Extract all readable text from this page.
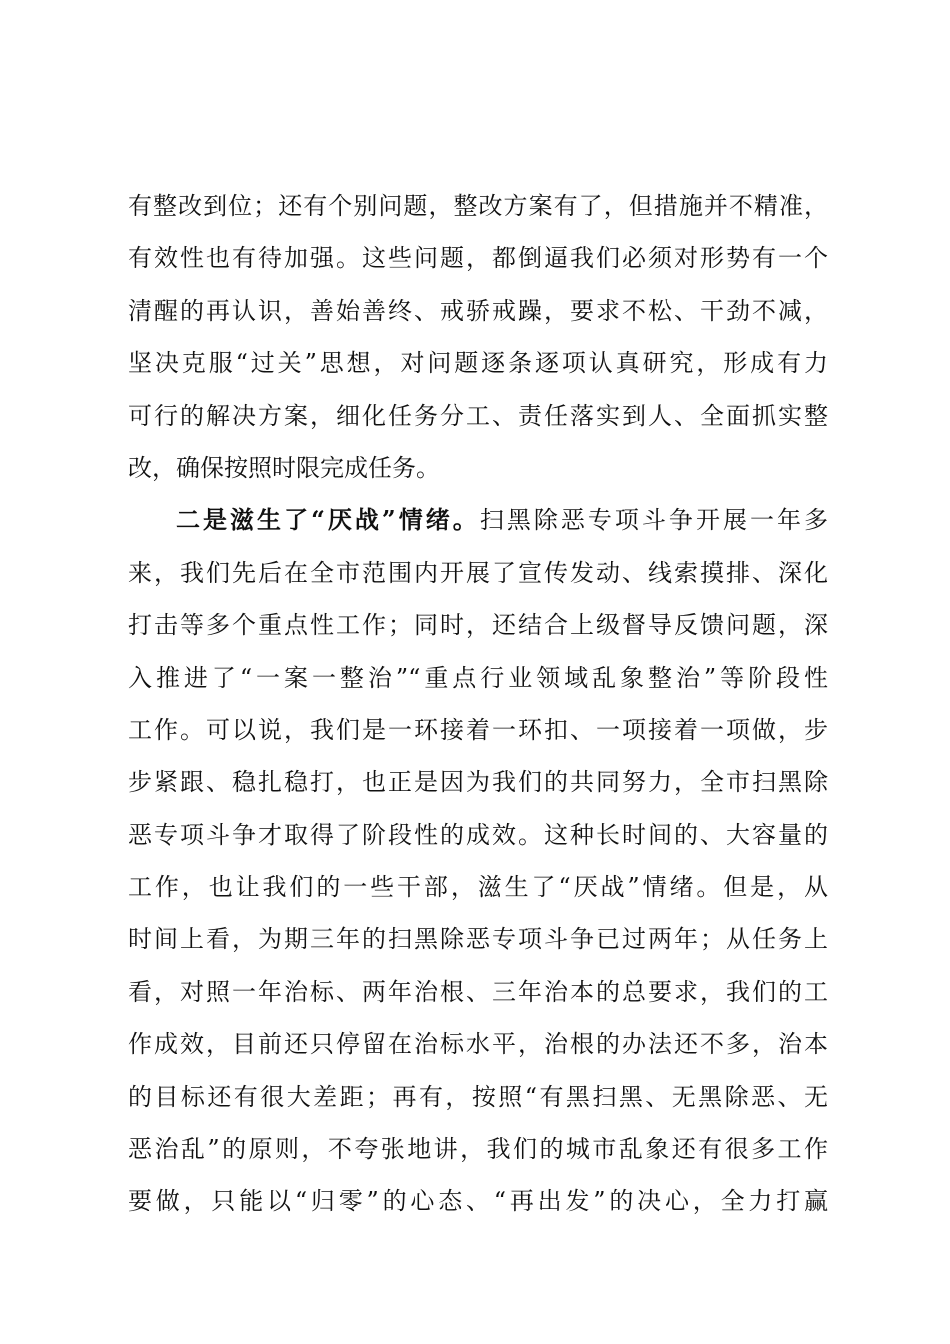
有整改到位；还有个别问题，整改方案有了，但措施并不精准，
有效性也有待加强。这些问题，都倒逼我们必须对形势有一个
清醒的再认识，善始善终、戒骄戒躁，要求不松、干劲不减，
坚决克服“过关”思想，对问题逐条逐项认真研究，形成有力
可行的解决方案，细化任务分工、责任落实到人、全面抓实整
改，确保按照时限完成任务。
二是滋生了“厌战”情绪。扫黑除恶专项斗争开展一年多
来，我们先后在全市范围内开展了宣传发动、线索摸排、深化
打击等多个重点性工作；同时，还结合上级督导反馈问题，深
入推进了“一案一整治”“重点行业领域乱象整治”等阶段性
工作。可以说，我们是一环接着一环扣、一项接着一项做，步
步紧跟、稳扎稳打，也正是因为我们的共同努力，全市扫黑除
恶专项斗争才取得了阶段性的成效。这种长时间的、大容量的
工作，也让我们的一些干部，滋生了“厌战”情绪。但是，从
时间上看，为期三年的扫黑除恶专项斗争已过两年；从任务上
看，对照一年治标、两年治根、三年治本的总要求，我们的工
作成效，目前还只停留在治标水平，治根的办法还不多，治本
的目标还有很大差距；再有，按照“有黑扫黑、无黑除恶、无
恶治乱”的原则，不夸张地讲，我们的城市乱象还有很多工作
要做，只能以“归零”的心态、“再出发”的决心，全力打赢
